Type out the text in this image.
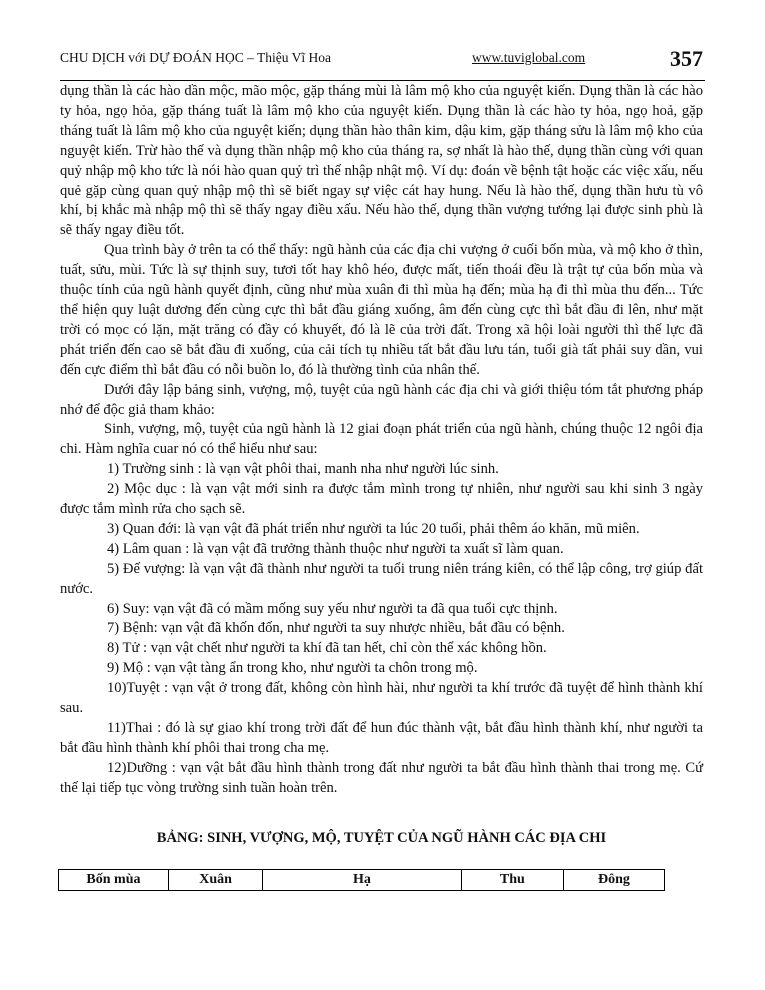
CHU DỊCH với DỰ ĐOÁN HỌC – Thiệu Vĩ Hoa	www.tuviglobal.com	357

dụng thần là các hào dần mộc, mão mộc, gặp tháng mùi là lâm mộ kho của nguyệt kiến. Dụng thần là các hào ty hỏa, ngọ hỏa, gặp tháng tuất là lâm mộ kho của nguyệt kiến. Dụng thần là các hào ty hỏa, ngọ hoả, gặp tháng tuất là lâm mộ kho của nguyệt kiến; dụng thần hào thân kim, dậu kim, gặp tháng sửu là lâm mộ kho của nguyệt kiến. Trừ hào thế và dụng thần nhập mộ kho của tháng ra, sợ nhất là hào thế, dụng thần cùng với quan quỷ nhập mộ kho tức là nói hào quan quỷ trì thế nhập nhật mộ. Ví dụ: đoán về bệnh tật hoặc các việc xấu, nếu quẻ gặp cùng quan quỷ nhập mộ thì sẽ biết ngay sự việc cát hay hung. Nếu là hào thế, dụng thần hưu tù vô khí, bị khắc mà nhập mộ thì sẽ thấy ngay điều xấu. Nếu hào thế, dụng thần vượng tướng lại được sinh phù là sẽ thấy ngay điều tốt.

Qua trình bày ở trên ta có thể thấy: ngũ hành của các địa chi vượng ở cuối bốn mùa, và mộ kho ở thìn, tuất, sửu, mùi. Tức là sự thịnh suy, tươi tốt hay khô héo, được mất, tiến thoái đều là trật tự của bốn mùa và thuộc tính của ngũ hành quyết định, cũng như mùa xuân đi thì mùa hạ đến; mùa hạ đi thì mùa thu đến... Tức thể hiện quy luật dương đến cùng cực thì bắt đầu giáng xuống, âm đến cùng cực thì bắt đầu đi lên, như mặt trời có mọc có lặn, mặt trăng có đầy có khuyết, đó là lẽ của trời đất. Trong xã hội loài người thì thế lực đã phát triển đến cao sẽ bắt đầu đi xuống, của cải tích tụ nhiều tất bắt đầu lưu tán, tuổi già tất phải suy dần, vui đến cực điểm thì bắt đầu có nỗi buồn lo, đó là thường tình của nhân thế.

Dưới đây lập bảng sinh, vượng, mộ, tuyệt của ngũ hành các địa chi và giới thiệu tóm tắt phương pháp nhớ để độc giả tham khảo:

Sinh, vượng, mộ, tuyệt của ngũ hành là 12 giai đoạn phát triển của ngũ hành, chúng thuộc 12 ngôi địa chi. Hàm nghĩa cuar nó có thể hiểu như sau:

1) Trường sinh : là vạn vật phôi thai, manh nha như người lúc sinh.

2) Mộc dục : là vạn vật mới sinh ra được tắm mình trong tự nhiên, như người sau khi sinh 3 ngày được tắm mình rửa cho sạch sẽ.

3) Quan đới: là vạn vật đã phát triển như người ta lúc 20 tuổi, phải thêm áo khăn, mũ miên.

4) Lâm quan : là vạn vật đã trưởng thành thuộc như người ta xuất sĩ làm quan.

5) Đế vượng: là vạn vật đã thành như người ta tuổi trung niên tráng kiên, có thể lập công, trợ giúp đất nước.

6) Suy: vạn vật đã có mầm mống suy yếu như người ta đã qua tuổi cực thịnh.

7) Bệnh: vạn vật đã khốn đốn, như người ta suy nhược nhiều, bắt đầu có bệnh.

8) Tử : vạn vật chết như người ta khí đã tan hết, chỉ còn thể xác không hồn.

9) Mộ : vạn vật tàng ẩn trong kho, như người ta chôn trong mộ.

10)Tuyệt : vạn vật ở trong đất, không còn hình hài, như người ta khí trước đã tuyệt để hình thành khí sau.

11)Thai : đó là sự giao khí trong trời đất để hun đúc thành vật, bắt đầu hình thành khí, như người ta bắt đầu hình thành khí phôi thai trong cha mẹ.

12)Dưỡng : vạn vật bắt đầu hình thành trong đất như người ta bắt đầu hình thành thai trong mẹ. Cứ thế lại tiếp tục vòng trường sinh tuần hoàn trên.

BẢNG: SINH, VƯỢNG, MỘ, TUYỆT CỦA NGŨ HÀNH CÁC ĐỊA CHI
Bốn mùa	Xuân	Hạ	Thu	Đông
